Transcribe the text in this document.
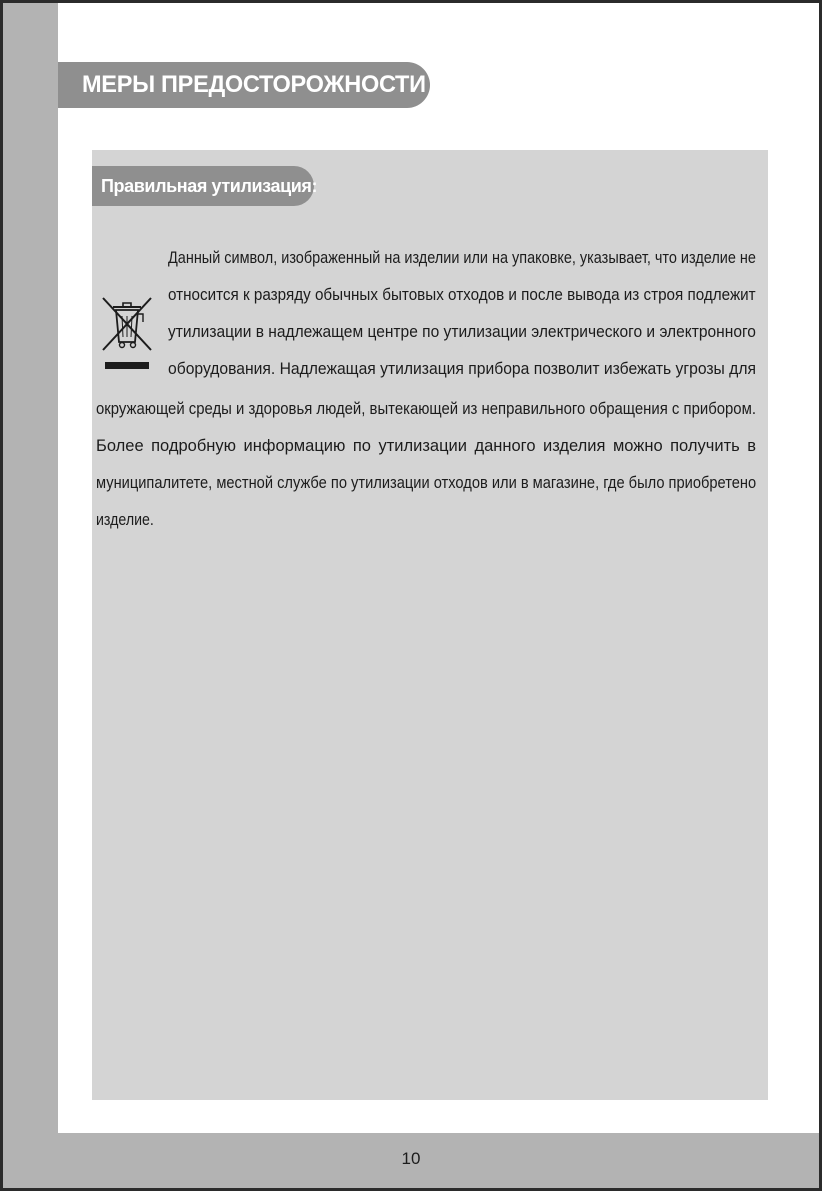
МЕРЫ ПРЕДОСТОРОЖНОСТИ
Правильная утилизация:
Данный символ, изображенный на изделии или на упаковке, указывает, что изделие не
относится к разряду обычных бытовых отходов и после вывода из строя подлежит
утилизации в надлежащем центре по утилизации электрического и электронного
оборудования. Надлежащая утилизация прибора позволит избежать угрозы для
окружающей среды и здоровья людей, вытекающей из неправильного обращения с прибором.
Более подробную информацию по утилизации данного изделия можно получить в
муниципалитете, местной службе по утилизации отходов или в магазине, где было приобретено
изделие.
10
